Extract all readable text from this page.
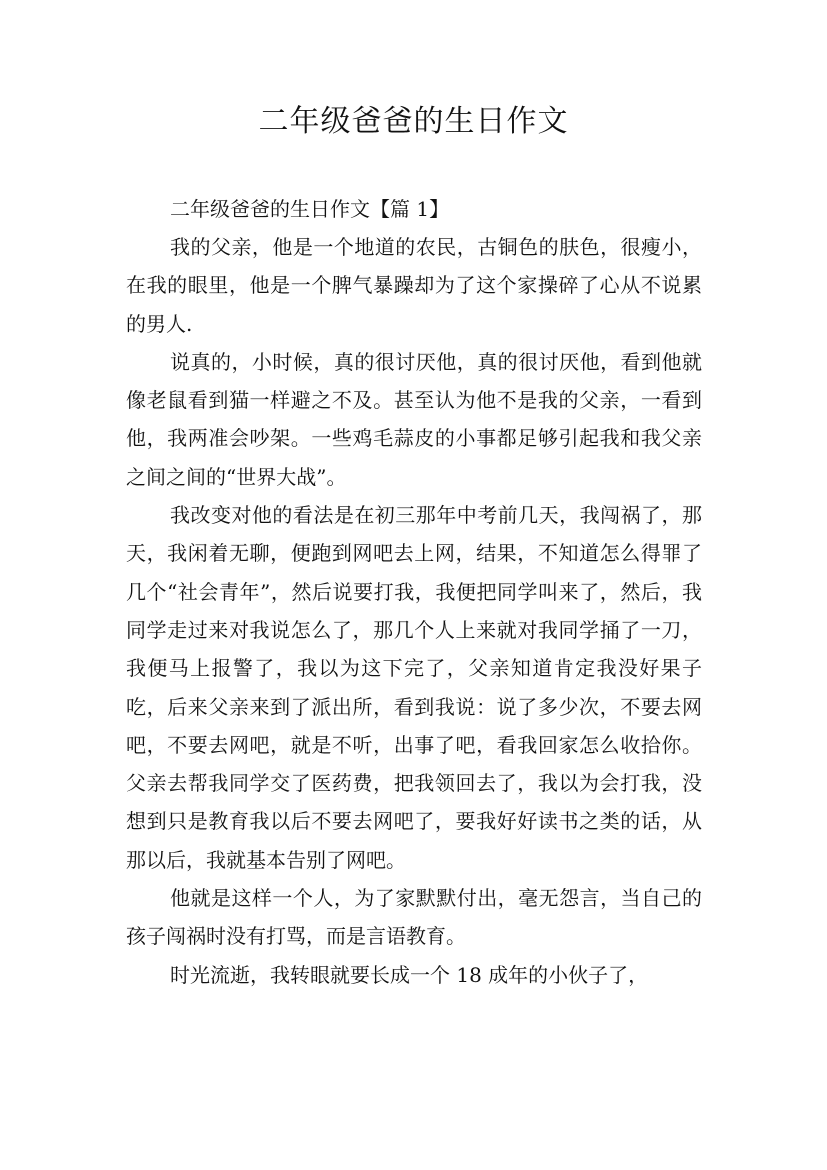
二年级爸爸的生日作文

二年级爸爸的生日作文【篇 1】

我的父亲，他是一个地道的农民，古铜色的肤色，很瘦小，在我的眼里，他是一个脾气暴躁却为了这个家操碎了心从不说累的男人.

说真的，小时候，真的很讨厌他，真的很讨厌他，看到他就像老鼠看到猫一样避之不及。甚至认为他不是我的父亲，一看到他，我两准会吵架。一些鸡毛蒜皮的小事都足够引起我和我父亲之间之间的“世界大战”。

我改变对他的看法是在初三那年中考前几天，我闯祸了，那天，我闲着无聊，便跑到网吧去上网，结果，不知道怎么得罪了几个“社会青年”，然后说要打我，我便把同学叫来了，然后，我同学走过来对我说怎么了，那几个人上来就对我同学捅了一刀，我便马上报警了，我以为这下完了，父亲知道肯定我没好果子吃，后来父亲来到了派出所，看到我说：说了多少次，不要去网吧，不要去网吧，就是不听，出事了吧，看我回家怎么收拾你。父亲去帮我同学交了医药费，把我领回去了，我以为会打我，没想到只是教育我以后不要去网吧了，要我好好读书之类的话，从那以后，我就基本告别了网吧。

他就是这样一个人，为了家默默付出，毫无怨言，当自己的孩子闯祸时没有打骂，而是言语教育。

时光流逝，我转眼就要长成一个 18 成年的小伙子了，
